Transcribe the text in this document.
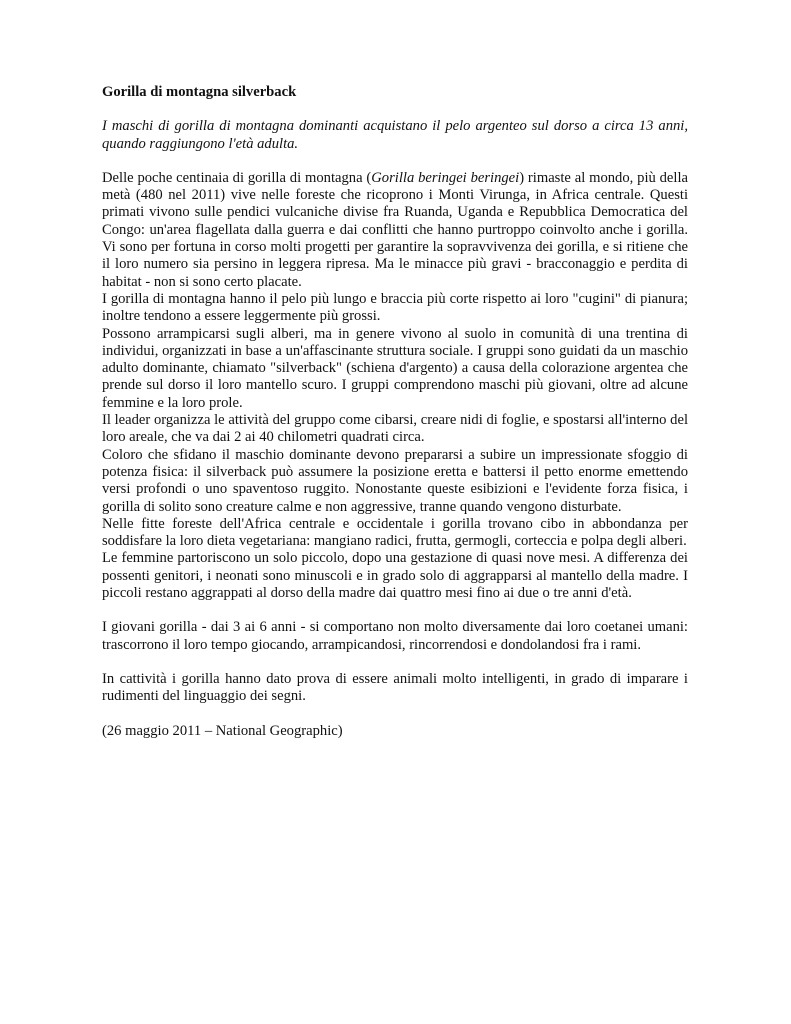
Gorilla di montagna silverback

I maschi di gorilla di montagna dominanti acquistano il pelo argenteo sul dorso a circa 13 anni, quando raggiungono l'età adulta.

Delle poche centinaia di gorilla di montagna (Gorilla beringei beringei) rimaste al mondo, più della metà (480 nel 2011) vive nelle foreste che ricoprono i Monti Virunga, in Africa centrale. Questi primati vivono sulle pendici vulcaniche divise fra Ruanda, Uganda e Repubblica Democratica del Congo: un'area flagellata dalla guerra e dai conflitti che hanno purtroppo coinvolto anche i gorilla. Vi sono per fortuna in corso molti progetti per garantire la sopravvivenza dei gorilla, e si ritiene che il loro numero sia persino in leggera ripresa. Ma le minacce più gravi - bracconaggio e perdita di habitat - non si sono certo placate.

I gorilla di montagna hanno il pelo più lungo e braccia più corte rispetto ai loro "cugini" di pianura; inoltre tendono a essere leggermente più grossi.

Possono arrampicarsi sugli alberi, ma in genere vivono al suolo in comunità di una trentina di individui, organizzati in base a un'affascinante struttura sociale. I gruppi sono guidati da un maschio adulto dominante, chiamato "silverback" (schiena d'argento) a causa della colorazione argentea che prende sul dorso il loro mantello scuro. I gruppi comprendono maschi più giovani, oltre ad alcune femmine e la loro prole.

Il leader organizza le attività del gruppo come cibarsi, creare nidi di foglie, e spostarsi all'interno del loro areale, che va dai 2 ai 40 chilometri quadrati circa.

Coloro che sfidano il maschio dominante devono prepararsi a subire un impressionate sfoggio di potenza fisica: il silverback può assumere la posizione eretta e battersi il petto enorme emettendo versi profondi o uno spaventoso ruggito. Nonostante queste esibizioni e l'evidente forza fisica, i gorilla di solito sono creature calme e non aggressive, tranne quando vengono disturbate.

Nelle fitte foreste dell'Africa centrale e occidentale i gorilla trovano cibo in abbondanza per soddisfare la loro dieta vegetariana: mangiano radici, frutta, germogli, corteccia e polpa degli alberi.

Le femmine partoriscono un solo piccolo, dopo una gestazione di quasi nove mesi. A differenza dei possenti genitori, i neonati sono minuscoli e in grado solo di aggrapparsi al mantello della madre. I piccoli restano aggrappati al dorso della madre dai quattro mesi fino ai due o tre anni d'età.

I giovani gorilla - dai 3 ai 6 anni - si comportano non molto diversamente dai loro coetanei umani: trascorrono il loro tempo giocando, arrampicandosi, rincorrendosi e dondolandosi fra i rami.

In cattività i gorilla hanno dato prova di essere animali molto intelligenti, in grado di imparare i rudimenti del linguaggio dei segni.

(26 maggio 2011 – National Geographic)
